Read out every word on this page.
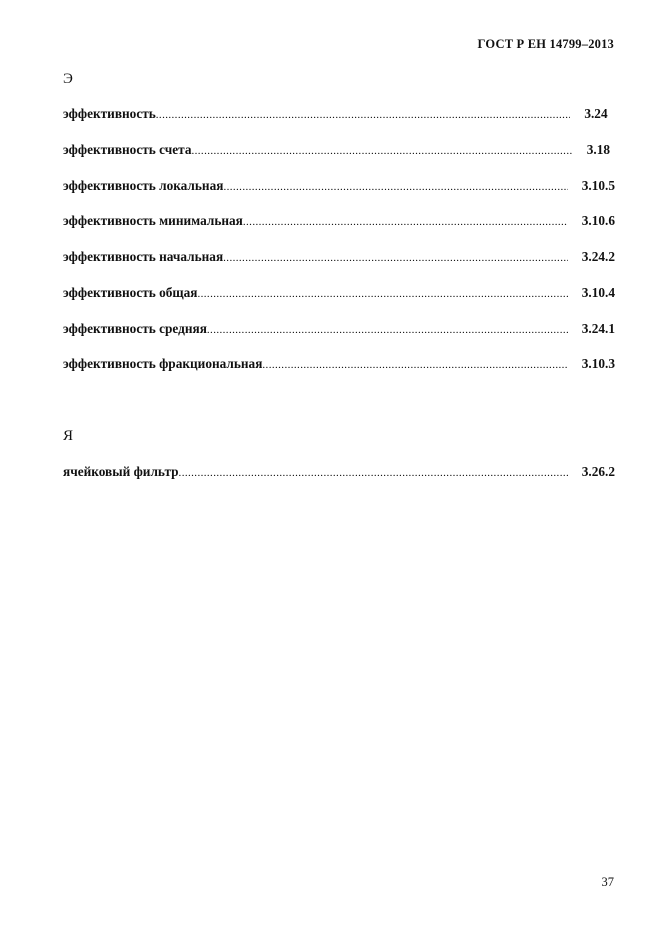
ГОСТ Р ЕН 14799–2013
Э
эффективность .....	3.24
эффективность счета .....	3.18
эффективность локальная .....	3.10.5
эффективность минимальная .....	3.10.6
эффективность начальная .....	3.24.2
эффективность общая .....	3.10.4
эффективность средняя .....	3.24.1
эффективность фракциональная .....	3.10.3
Я
ячейковый фильтр .....	3.26.2
37
